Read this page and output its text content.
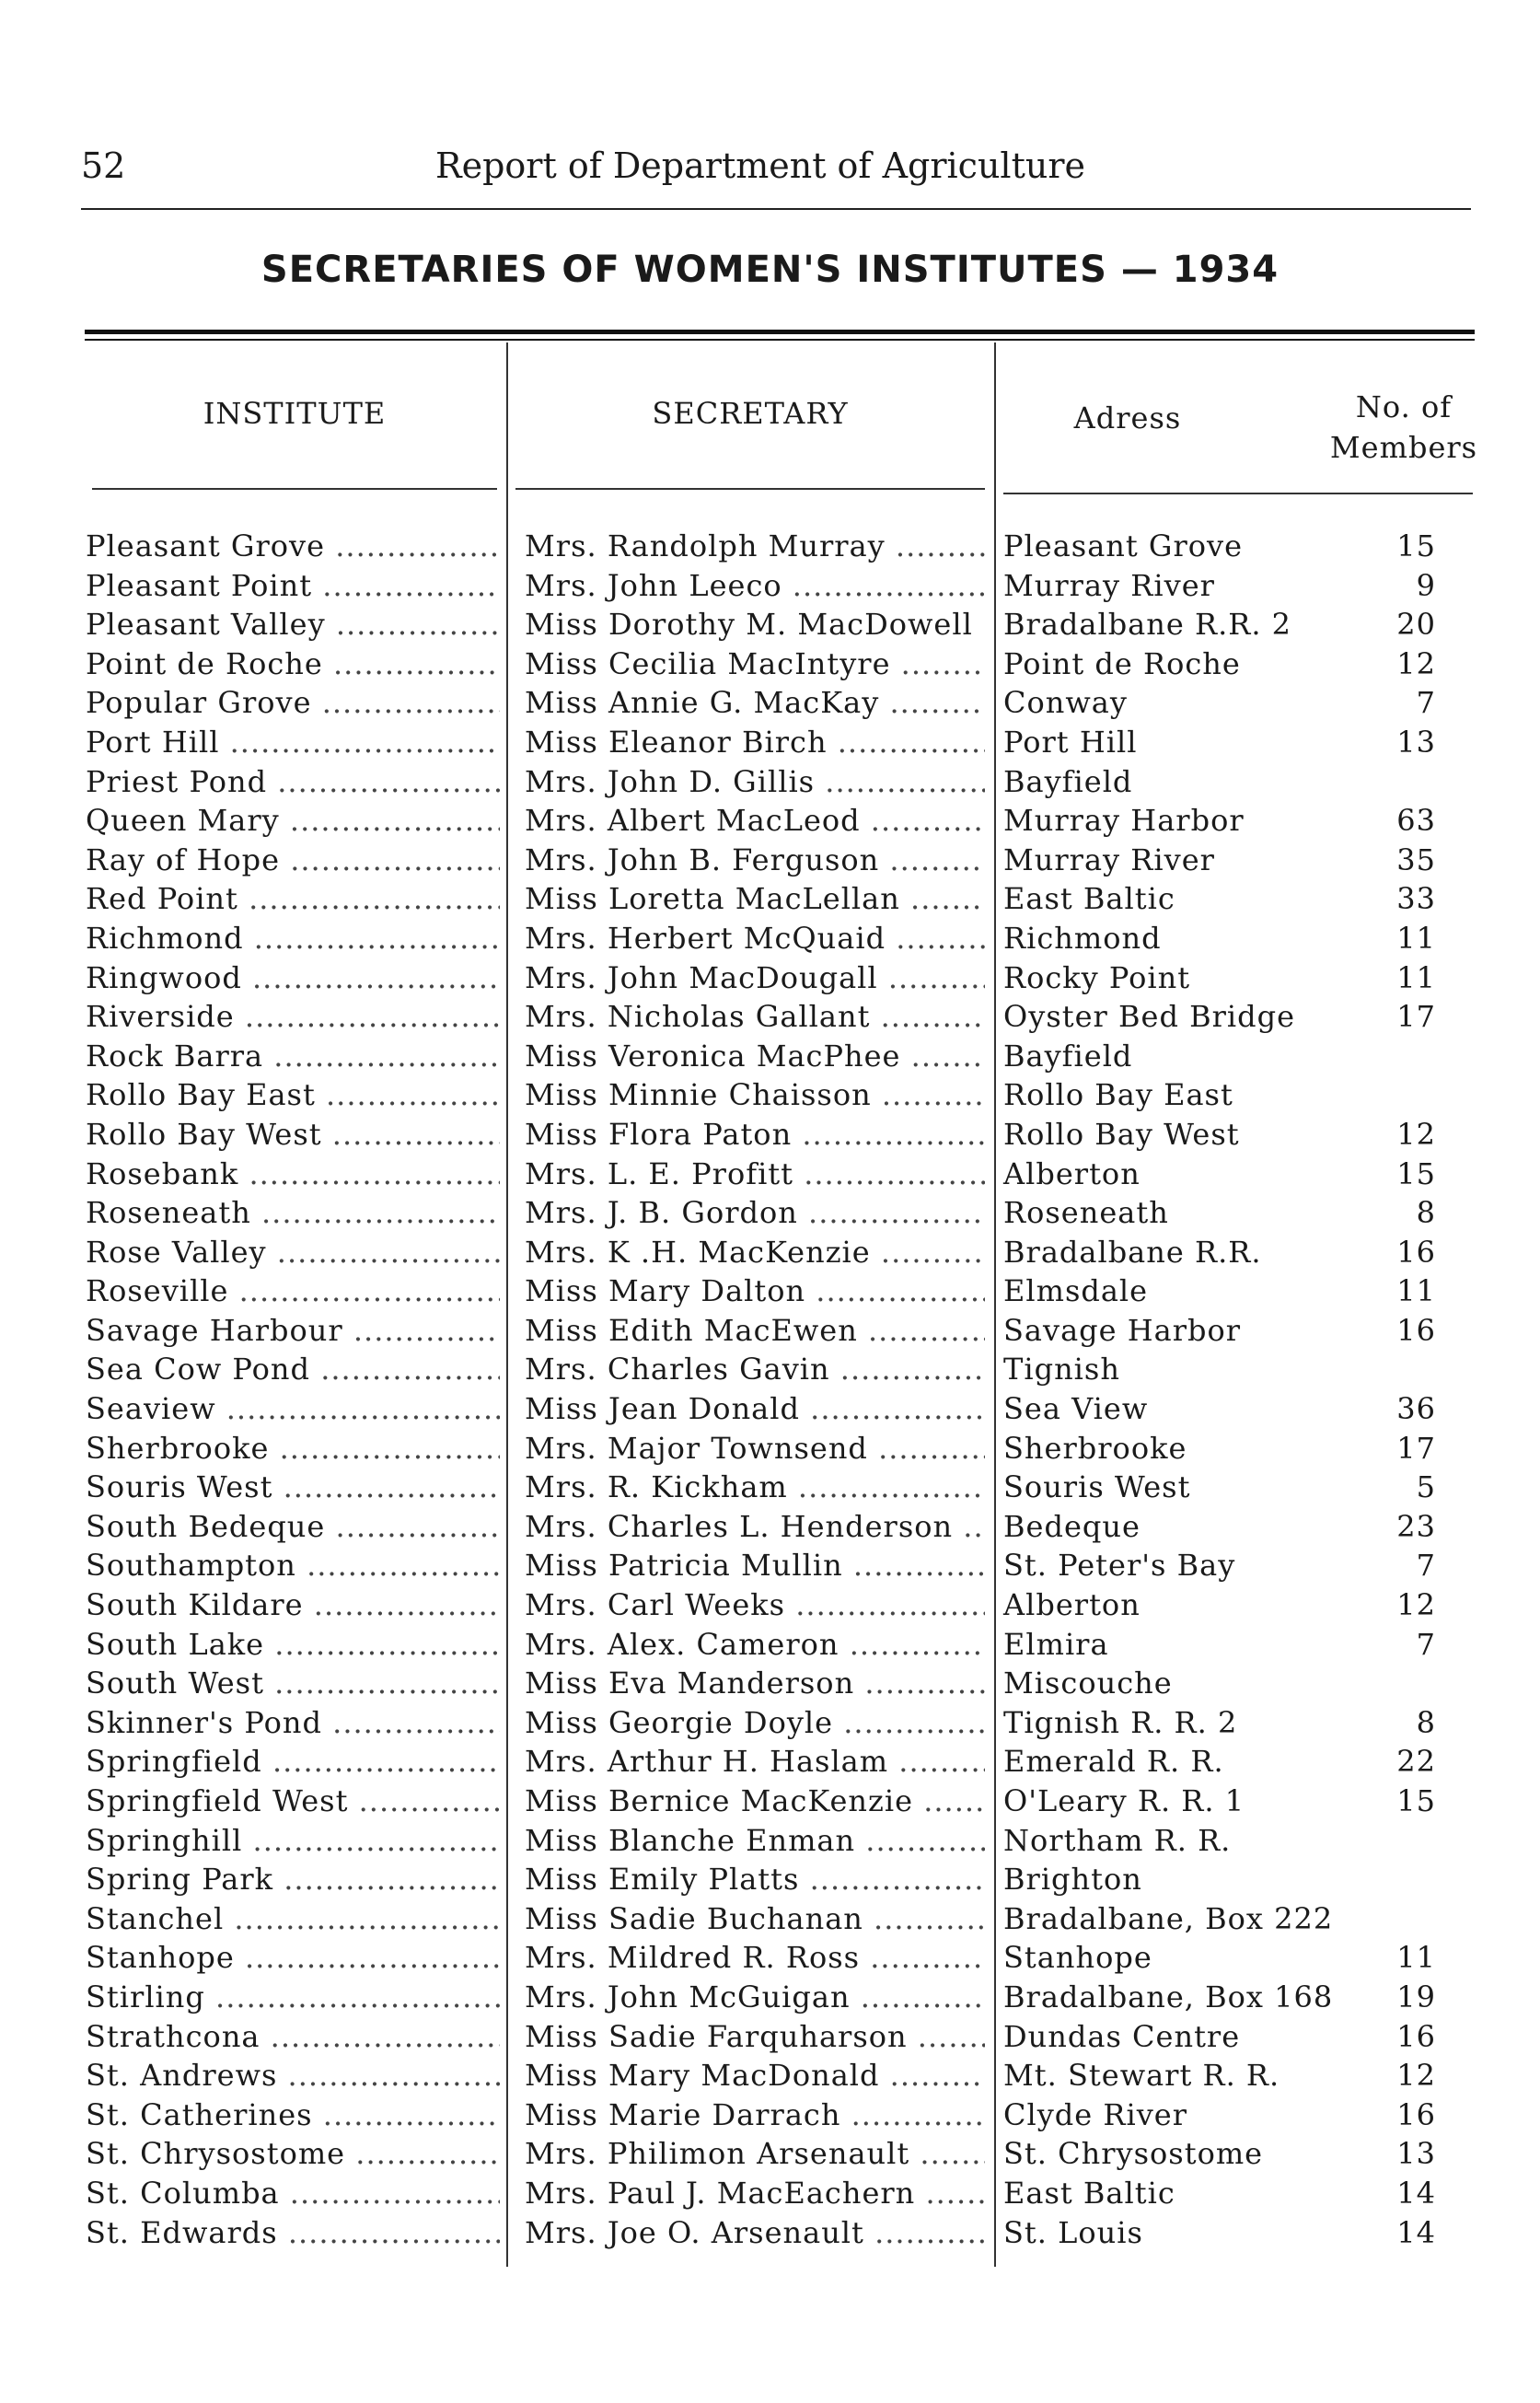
52	Report of Department of Agriculture
SECRETARIES OF WOMEN'S INSTITUTES — 1934
INSTITUTE	SECRETARY	Adress	No. of
Members
Pleasant Grove .....	Mrs. Randolph Murray .....	Pleasant Grove	15
Pleasant Point .....	Mrs. John Leeco .....	Murray River	9
Pleasant Valley .....	Miss Dorothy M. MacDowell .....	Bradalbane R.R. 2	20
Point de Roche .....	Miss Cecilia MacIntyre .....	Point de Roche	12
Popular Grove .....	Miss Annie G. MacKay .....	Conway	7
Port Hill .....	Miss Eleanor Birch .....	Port Hill	13
Priest Pond .....	Mrs. John D. Gillis .....	Bayfield
Queen Mary .....	Mrs. Albert MacLeod .....	Murray Harbor	63
Ray of Hope .....	Mrs. John B. Ferguson .....	Murray River	35
Red Point .....	Miss Loretta MacLellan .....	East Baltic	33
Richmond .....	Mrs. Herbert McQuaid .....	Richmond	11
Ringwood .....	Mrs. John MacDougall .....	Rocky Point	11
Riverside .....	Mrs. Nicholas Gallant .....	Oyster Bed Bridge	17
Rock Barra .....	Miss Veronica MacPhee .....	Bayfield
Rollo Bay East .....	Miss Minnie Chaisson .....	Rollo Bay East
Rollo Bay West .....	Miss Flora Paton .....	Rollo Bay West	12
Rosebank .....	Mrs. L. E. Profitt .....	Alberton	15
Roseneath .....	Mrs. J. B. Gordon .....	Roseneath	8
Rose Valley .....	Mrs. K .H. MacKenzie .....	Bradalbane R.R.	16
Roseville .....	Miss Mary Dalton .....	Elmsdale	11
Savage Harbour .....	Miss Edith MacEwen .....	Savage Harbor	16
Sea Cow Pond .....	Mrs. Charles Gavin .....	Tignish
Seaview .....	Miss Jean Donald .....	Sea View	36
Sherbrooke .....	Mrs. Major Townsend .....	Sherbrooke	17
Souris West .....	Mrs. R. Kickham .....	Souris West	5
South Bedeque .....	Mrs. Charles L. Henderson .....	Bedeque	23
Southampton .....	Miss Patricia Mullin .....	St. Peter's Bay	7
South Kildare .....	Mrs. Carl Weeks .....	Alberton	12
South Lake .....	Mrs. Alex. Cameron .....	Elmira	7
South West .....	Miss Eva Manderson .....	Miscouche
Skinner's Pond .....	Miss Georgie Doyle .....	Tignish R. R. 2	8
Springfield .....	Mrs. Arthur H. Haslam .....	Emerald R. R.	22
Springfield West .....	Miss Bernice MacKenzie .....	O'Leary R. R. 1	15
Springhill .....	Miss Blanche Enman .....	Northam R. R.
Spring Park .....	Miss Emily Platts .....	Brighton
Stanchel .....	Miss Sadie Buchanan .....	Bradalbane, Box 222
Stanhope .....	Mrs. Mildred R. Ross .....	Stanhope	11
Stirling .....	Mrs. John McGuigan .....	Bradalbane, Box 168	19
Strathcona .....	Miss Sadie Farquharson .....	Dundas Centre	16
St. Andrews .....	Miss Mary MacDonald .....	Mt. Stewart R. R.	12
St. Catherines .....	Miss Marie Darrach .....	Clyde River	16
St. Chrysostome .....	Mrs. Philimon Arsenault .....	St. Chrysostome	13
St. Columba .....	Mrs. Paul J. MacEachern .....	East Baltic	14
St. Edwards .....	Mrs. Joe O. Arsenault .....	St. Louis	14
